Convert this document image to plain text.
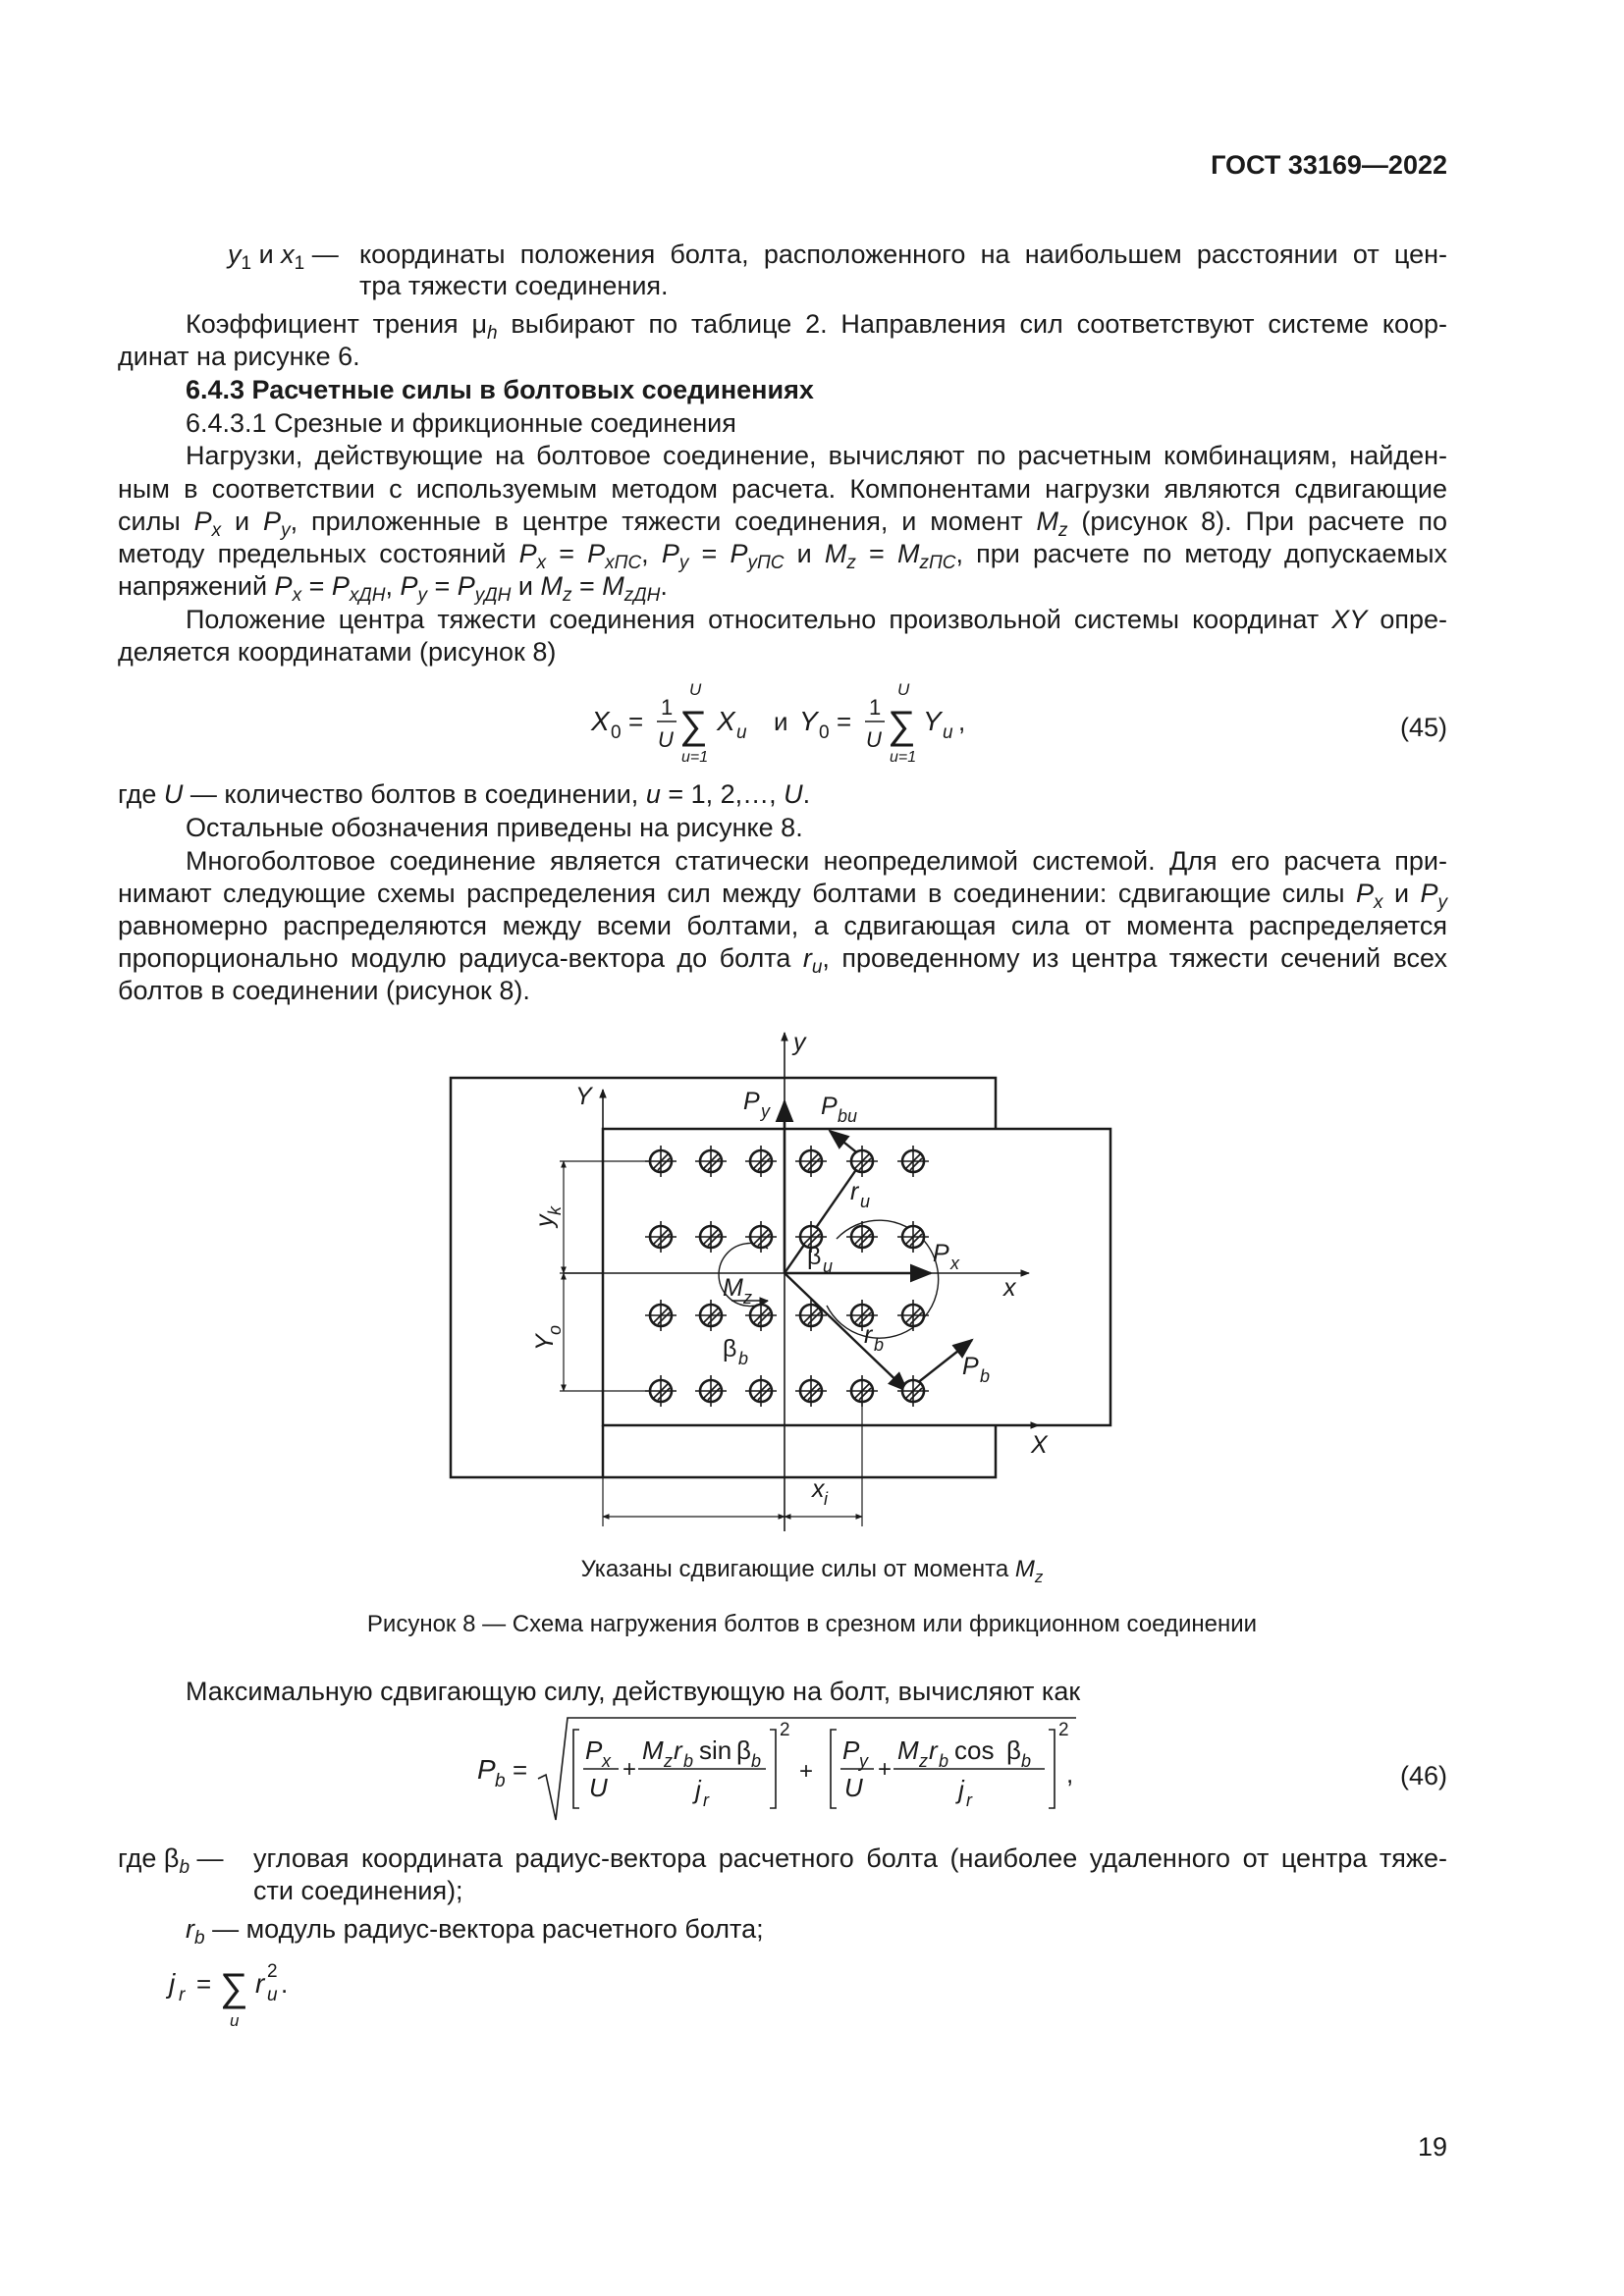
ГОСТ 33169—2022
$y_1$ и $x_1$ — координаты положения болта, расположенного на наибольшем расстоянии от цен-
тра тяжести соединения.
Коэффициент трения $\mu_h$ выбирают по таблице 2. Направления сил соответствуют системе коор-
динат на рисунке 6.
6.4.3 Расчетные силы в болтовых соединениях
6.4.3.1 Срезные и фрикционные соединения
Нагрузки, действующие на болтовое соединение, вычисляют по расчетным комбинациям, найден-
ным в соответствии с используемым методом расчета. Компонентами нагрузки являются сдвигающие
силы $P_x$ и $P_y$, приложенные в центре тяжести соединения, и момент $M_z$ (рисунок 8). При расчете по
методу предельных состояний $P_x = P_{xПС}$, $P_y = P_{yПС}$ и $M_z = M_{zПС}$, при расчете по методу допускаемых
напряжений $P_x = P_{xДН}$, $P_y = P_{yДН}$ и $M_z = M_{zДН}$.
Положение центра тяжести соединения относительно произвольной системы координат XY опре-
деляется координатами (рисунок 8)
X 0 = 1
U
U
∑
u=1
X u и Y 0 = 1
U
U
∑
u=1
Y u ,	(45)
где U — количество болтов в соединении, u = 1, 2,…, U.
Остальные обозначения приведены на рисунке 8.
Многоболтовое соединение является статически неопределимой системой. Для его расчета при-
нимают следующие схемы распределения сил между болтами в соединении: сдвигающие силы $P_x$ и $P_y$
равномерно распределяются между всеми болтами, а сдвигающая сила от момента распределяется
пропорционально модулю радиуса-вектора до болта $r_u$, проведенному из центра тяжести сечений всех
болтов в соединении (рисунок 8).
y
Y
x
X
P y P bu
r u
P x
β u
M z
r b
β b	P b
x i
y
k
Y
o
Указаны сдвигающие силы от момента $M_z$
Рисунок 8 — Схема нагружения болтов в срезном или фрикционном соединении
Максимальную сдвигающую силу, действующую на болт, вычисляют как
P b =
P x
U
+
M z r b sin β b
j r
2
+
P y
U
+
M z r b cos β b
j r
2
,	(46)
где $\beta_b$ — угловая координата радиус-вектора расчетного болта (наиболее удаленного от центра тяже-
сти соединения);
$r_b$ — модуль радиус-вектора расчетного болта;
j r = ∑
u
r u
2 .
19
